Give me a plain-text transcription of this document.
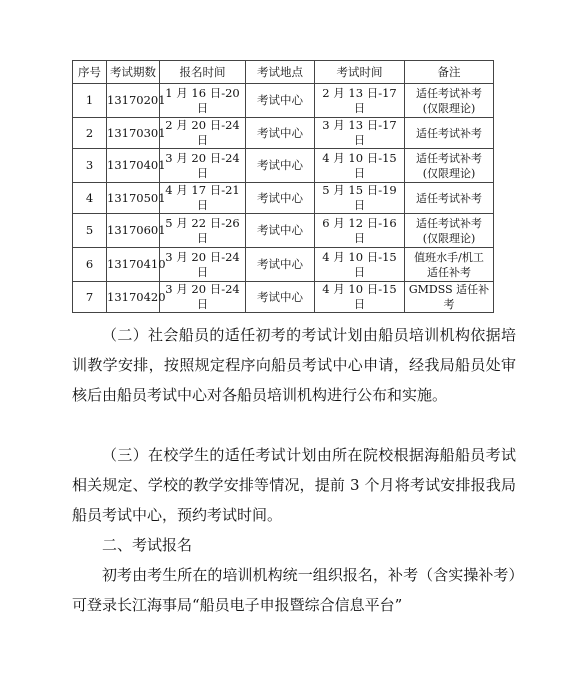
序号	考试期数	报名时间	考试地点	考试时间	备注
1	13170201	1 月 16 日-20 日	考试中心	2 月 13 日-17 日	适任考试补考
(仅限理论)

2	13170301	2 月 20 日-24 日	考试中心	3 月 13 日-17 日	适任考试补考

3	13170401	3 月 20 日-24 日	考试中心	4 月 10 日-15 日	适任考试补考
(仅限理论)

4	13170501	4 月 17 日-21 日	考试中心	5 月 15 日-19 日	适任考试补考

5	13170601	5 月 22 日-26 日	考试中心	6 月 12 日-16 日	适任考试补考
(仅限理论)

6	13170410	3 月 20 日-24 日	考试中心	4 月 10 日-15 日	值班水手/机工
适任补考

7	13170420	3 月 20 日-24 日	考试中心	4 月 10 日-15 日	GMDSS 适任补考

（二）社会船员的适任初考的考试计划由船员培训机构依据培训教学安排，按照规定程序向船员考试中心申请，经我局船员处审核后由船员考试中心对各船员培训机构进行公布和实施。

（三）在校学生的适任考试计划由所在院校根据海船船员考试相关规定、学校的教学安排等情况，提前 3 个月将考试安排报我局船员考试中心，预约考试时间。

二、考试报名

初考由考生所在的培训机构统一组织报名，补考（含实操补考）可登录长江海事局“船员电子申报暨综合信息平台”
